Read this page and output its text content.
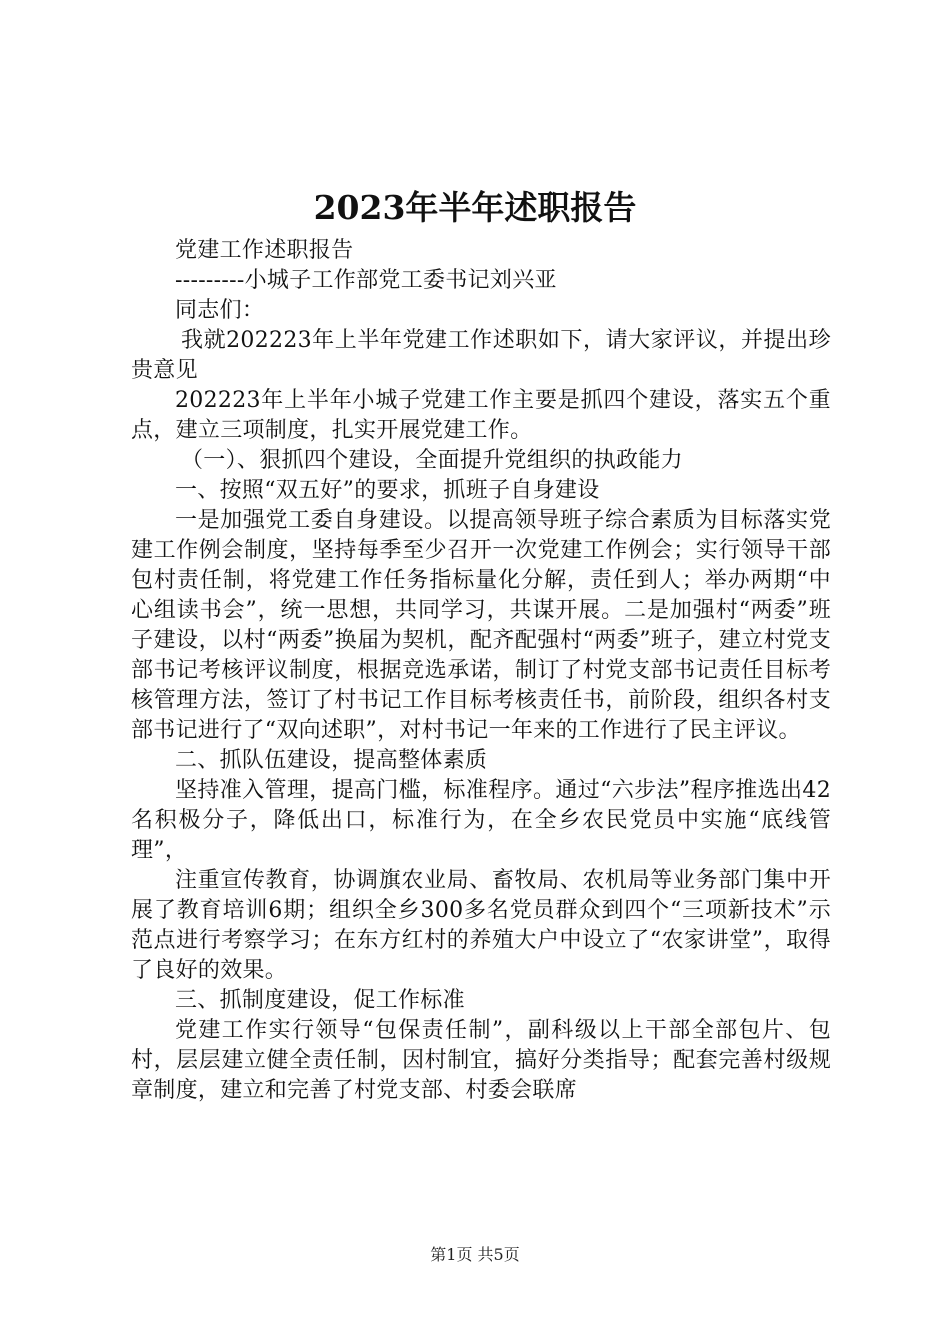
2023年半年述职报告

党建工作述职报告

---------小城子工作部党工委书记刘兴亚

同志们：

我就202223年上半年党建工作述职如下，请大家评议，并提出珍贵意见

202223年上半年小城子党建工作主要是抓四个建设，落实五个重点，建立三项制度，扎实开展党建工作。

（一）、狠抓四个建设，全面提升党组织的执政能力

一、按照“双五好”的要求，抓班子自身建设

一是加强党工委自身建设。以提高领导班子综合素质为目标落实党建工作例会制度，坚持每季至少召开一次党建工作例会；实行领导干部包村责任制，将党建工作任务指标量化分解，责任到人；举办两期“中心组读书会”，统一思想，共同学习，共谋开展。二是加强村“两委”班子建设，以村“两委”换届为契机，配齐配强村“两委”班子，建立村党支部书记考核评议制度，根据竞选承诺，制订了村党支部书记责任目标考核管理方法，签订了村书记工作目标考核责任书，前阶段，组织各村支部书记进行了“双向述职”，对村书记一年来的工作进行了民主评议。

二、抓队伍建设，提高整体素质

坚持准入管理，提高门槛，标准程序。通过“六步法”程序推选出42名积极分子，降低出口，标准行为，在全乡农民党员中实施“底线管理”，

注重宣传教育，协调旗农业局、畜牧局、农机局等业务部门集中开展了教育培训6期；组织全乡300多名党员群众到四个“三项新技术”示范点进行考察学习；在东方红村的养殖大户中设立了“农家讲堂”，取得了良好的效果。

三、抓制度建设，促工作标准

党建工作实行领导“包保责任制”，副科级以上干部全部包片、包村，层层建立健全责任制，因村制宜，搞好分类指导；配套完善村级规章制度，建立和完善了村党支部、村委会联席

第1页 共5页
